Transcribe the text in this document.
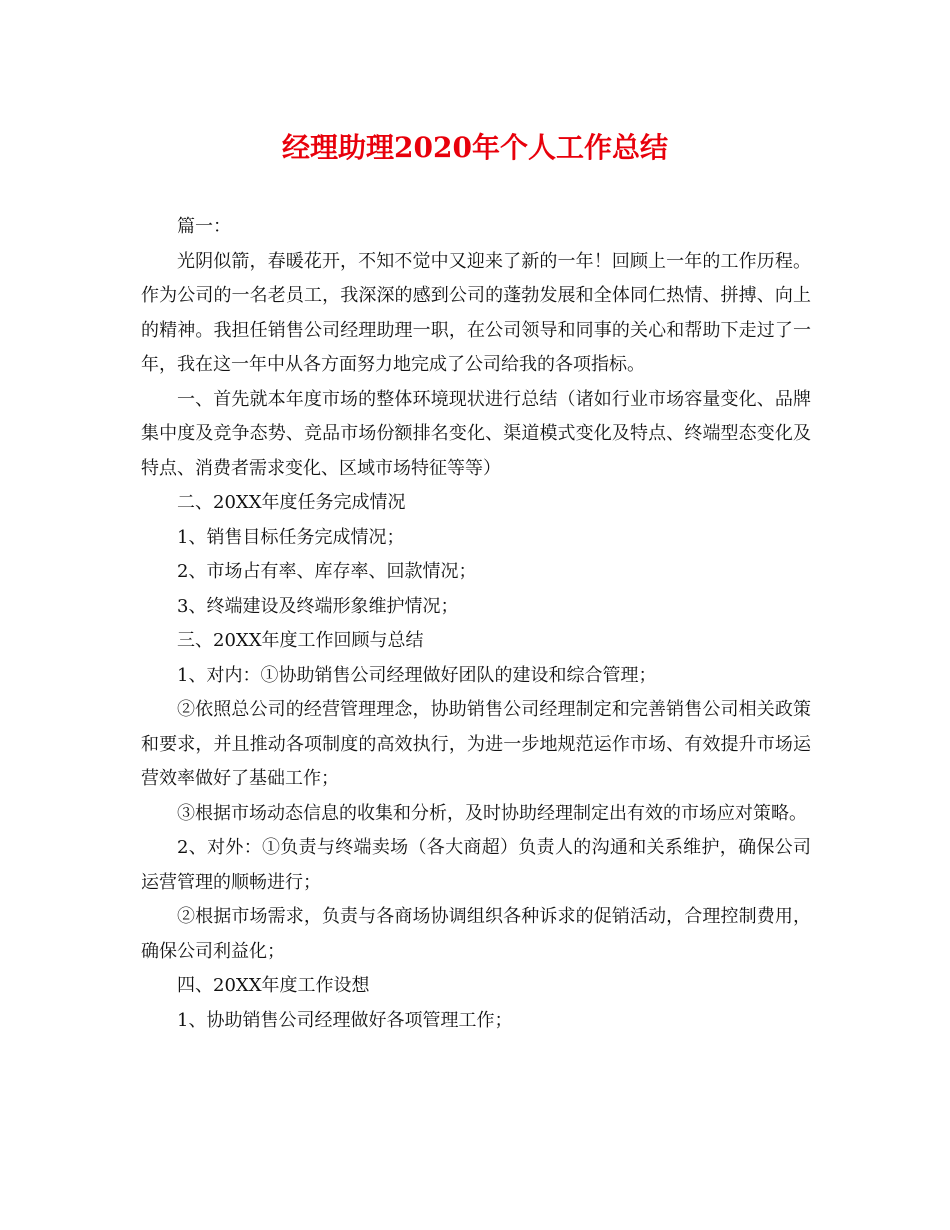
经理助理2020年个人工作总结

篇一：

光阴似箭，春暖花开，不知不觉中又迎来了新的一年！回顾上一年的工作历程。作为公司的一名老员工，我深深的感到公司的蓬勃发展和全体同仁热情、拼搏、向上的精神。我担任销售公司经理助理一职，在公司领导和同事的关心和帮助下走过了一年，我在这一年中从各方面努力地完成了公司给我的各项指标。

一、首先就本年度市场的整体环境现状进行总结（诸如行业市场容量变化、品牌集中度及竞争态势、竞品市场份额排名变化、渠道模式变化及特点、终端型态变化及特点、消费者需求变化、区域市场特征等等）

二、20XX年度任务完成情况

1、销售目标任务完成情况；

2、市场占有率、库存率、回款情况；

3、终端建设及终端形象维护情况；

三、20XX年度工作回顾与总结

1、对内：①协助销售公司经理做好团队的建设和综合管理；

②依照总公司的经营管理理念，协助销售公司经理制定和完善销售公司相关政策和要求，并且推动各项制度的高效执行，为进一步地规范运作市场、有效提升市场运营效率做好了基础工作；

③根据市场动态信息的收集和分析，及时协助经理制定出有效的市场应对策略。

2、对外：①负责与终端卖场（各大商超）负责人的沟通和关系维护，确保公司运营管理的顺畅进行；

②根据市场需求，负责与各商场协调组织各种诉求的促销活动，合理控制费用，确保公司利益化；

四、20XX年度工作设想

1、协助销售公司经理做好各项管理工作；
